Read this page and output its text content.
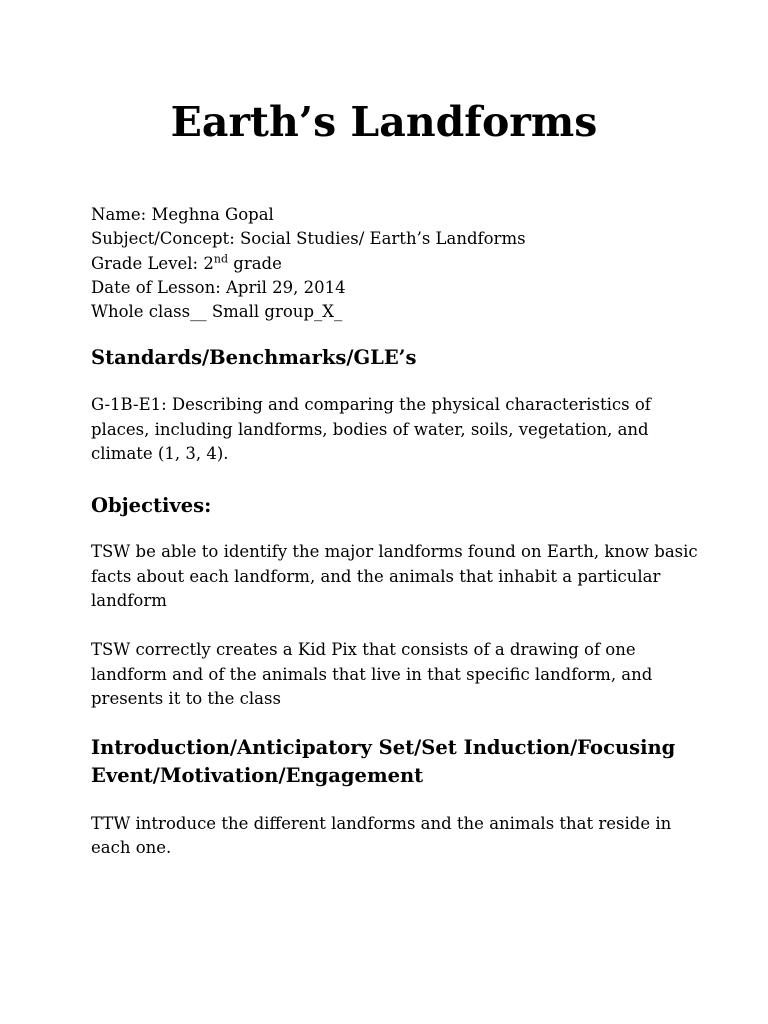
Earth’s Landforms
Name: Meghna Gopal
Subject/Concept: Social Studies/ Earth’s Landforms
Grade Level: 2nd grade
Date of Lesson: April 29, 2014
Whole class__ Small group_X_
Standards/Benchmarks/GLE’s

G-1B-E1: Describing and comparing the physical characteristics of places, including landforms, bodies of water, soils, vegetation, and climate (1, 3, 4).

Objectives:

TSW be able to identify the major landforms found on Earth, know basic facts about each landform, and the animals that inhabit a particular landform

TSW correctly creates a Kid Pix that consists of a drawing of one landform and of the animals that live in that specific landform, and presents it to the class

Introduction/Anticipatory Set/Set Induction/Focusing Event/Motivation/Engagement

TTW introduce the different landforms and the animals that reside in each one.
